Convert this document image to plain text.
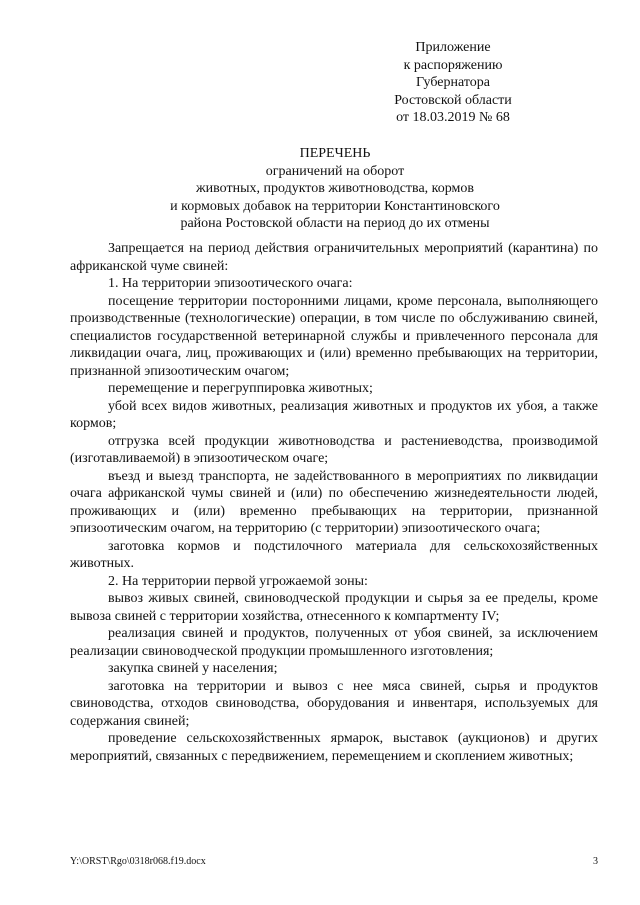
Приложение
к распоряжению
Губернатора
Ростовской области
от 18.03.2019 № 68
ПЕРЕЧЕНЬ
ограничений на оборот
животных, продуктов животноводства, кормов
и кормовых добавок на территории Константиновского
района Ростовской области на период до их отмены

Запрещается на период действия ограничительных мероприятий (карантина) по африканской чуме свиней:

1. На территории эпизоотического очага:

посещение территории посторонними лицами, кроме персонала, выполняющего производственные (технологические) операции, в том числе по обслуживанию свиней, специалистов государственной ветеринарной службы и привлеченного персонала для ликвидации очага, лиц, проживающих и (или) временно пребывающих на территории, признанной эпизоотическим очагом;

перемещение и перегруппировка животных;

убой всех видов животных, реализация животных и продуктов их убоя, а также кормов;

отгрузка всей продукции животноводства и растениеводства, производимой (изготавливаемой) в эпизоотическом очаге;

въезд и выезд транспорта, не задействованного в мероприятиях по ликвидации очага африканской чумы свиней и (или) по обеспечению жизнедеятельности людей, проживающих и (или) временно пребывающих на территории, признанной эпизоотическим очагом, на территорию (с территории) эпизоотического очага;

заготовка кормов и подстилочного материала для сельскохозяйственных животных.

2. На территории первой угрожаемой зоны:

вывоз живых свиней, свиноводческой продукции и сырья за ее пределы, кроме вывоза свиней с территории хозяйства, отнесенного к компартменту IV;

реализация свиней и продуктов, полученных от убоя свиней, за исключением реализации свиноводческой продукции промышленного изготовления;

закупка свиней у населения;

заготовка на территории и вывоз с нее мяса свиней, сырья и продуктов свиноводства, отходов свиноводства, оборудования и инвентаря, используемых для содержания свиней;

проведение сельскохозяйственных ярмарок, выставок (аукционов) и других мероприятий, связанных с передвижением, перемещением и скоплением животных;

Y:\ORST\Rgo\0318r068.f19.docx	3
